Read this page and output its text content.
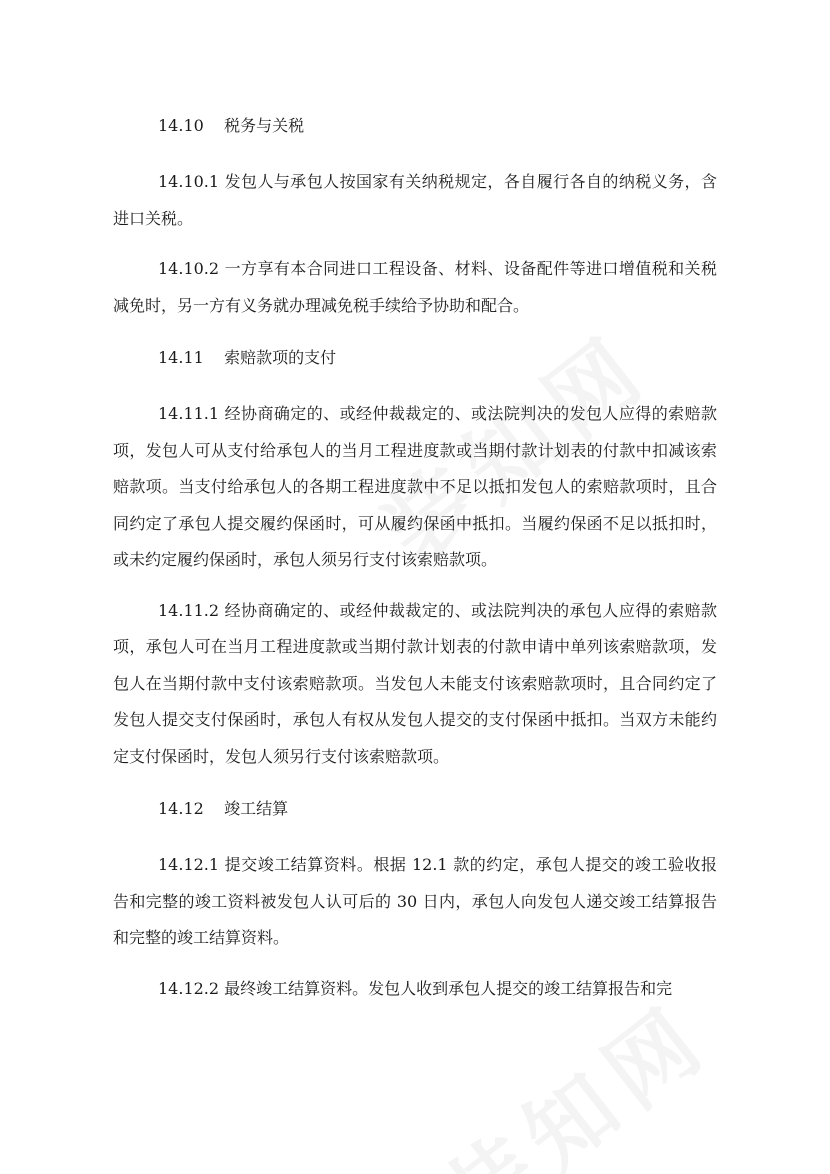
14.10    税务与关税

14.10.1 发包人与承包人按国家有关纳税规定，各自履行各自的纳税义务，含进口关税。

14.10.2 一方享有本合同进口工程设备、材料、设备配件等进口增值税和关税减免时，另一方有义务就办理减免税手续给予协助和配合。

14.11    索赔款项的支付

14.11.1 经协商确定的、或经仲裁裁定的、或法院判决的发包人应得的索赔款项，发包人可从支付给承包人的当月工程进度款或当期付款计划表的付款中扣减该索赔款项。当支付给承包人的各期工程进度款中不足以抵扣发包人的索赔款项时，且合同约定了承包人提交履约保函时，可从履约保函中抵扣。当履约保函不足以抵扣时，或未约定履约保函时，承包人须另行支付该索赔款项。

14.11.2 经协商确定的、或经仲裁裁定的、或法院判决的承包人应得的索赔款项，承包人可在当月工程进度款或当期付款计划表的付款申请中单列该索赔款项，发包人在当期付款中支付该索赔款项。当发包人未能支付该索赔款项时，且合同约定了发包人提交支付保函时，承包人有权从发包人提交的支付保函中抵扣。当双方未能约定支付保函时，发包人须另行支付该索赔款项。

14.12    竣工结算

14.12.1 提交竣工结算资料。根据 12.1 款的约定，承包人提交的竣工验收报告和完整的竣工资料被发包人认可后的 30 日内，承包人向发包人递交竣工结算报告和完整的竣工结算资料。

14.12.2 最终竣工结算资料。发包人收到承包人提交的竣工结算报告和完
